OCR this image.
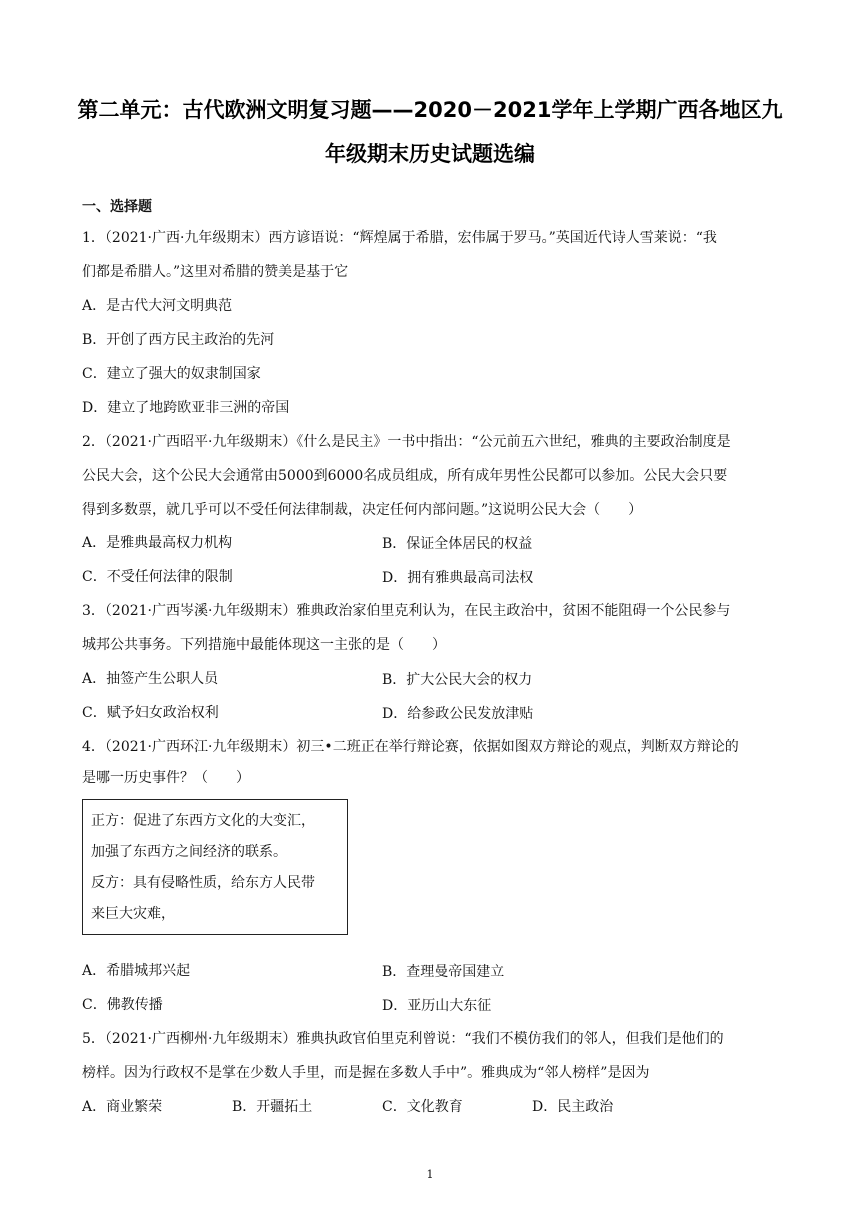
第二单元：古代欧洲文明复习题——2020－2021学年上学期广西各地区九
年级期末历史试题选编
一、选择题
1．（2021·广西·九年级期末）西方谚语说：“辉煌属于希腊，宏伟属于罗马。”英国近代诗人雪莱说：“我
们都是希腊人。”这里对希腊的赞美是基于它
A．是古代大河文明典范
B．开创了西方民主政治的先河
C．建立了强大的奴隶制国家
D．建立了地跨欧亚非三洲的帝国
2．（2021·广西昭平·九年级期末）《什么是民主》一书中指出：“公元前五六世纪，雅典的主要政治制度是
公民大会，这个公民大会通常由5000到6000名成员组成，所有成年男性公民都可以参加。公民大会只要
得到多数票，就几乎可以不受任何法律制裁，决定任何内部问题。”这说明公民大会（　　）
A．是雅典最高权力机构	B．保证全体居民的权益
C．不受任何法律的限制	D．拥有雅典最高司法权
3．（2021·广西岑溪·九年级期末）雅典政治家伯里克利认为，在民主政治中，贫困不能阻碍一个公民参与
城邦公共事务。下列措施中最能体现这一主张的是（　　）
A．抽签产生公职人员	B．扩大公民大会的权力
C．赋予妇女政治权利	D．给参政公民发放津贴
4．（2021·广西环江·九年级期末）初三•二班正在举行辩论赛，依据如图双方辩论的观点，判断双方辩论的
是哪一历史事件？（　　）
正方：促进了东西方文化的大变汇，
加强了东西方之间经济的联系。
反方：具有侵略性质，给东方人民带
来巨大灾难，
A．希腊城邦兴起	B．查理曼帝国建立
C．佛教传播	D．亚历山大东征
5．（2021·广西柳州·九年级期末）雅典执政官伯里克利曾说：“我们不模仿我们的邻人，但我们是他们的
榜样。因为行政权不是掌在少数人手里，而是握在多数人手中”。雅典成为“邻人榜样”是因为
A．商业繁荣	B．开疆拓土	C．文化教育	D．民主政治
1
